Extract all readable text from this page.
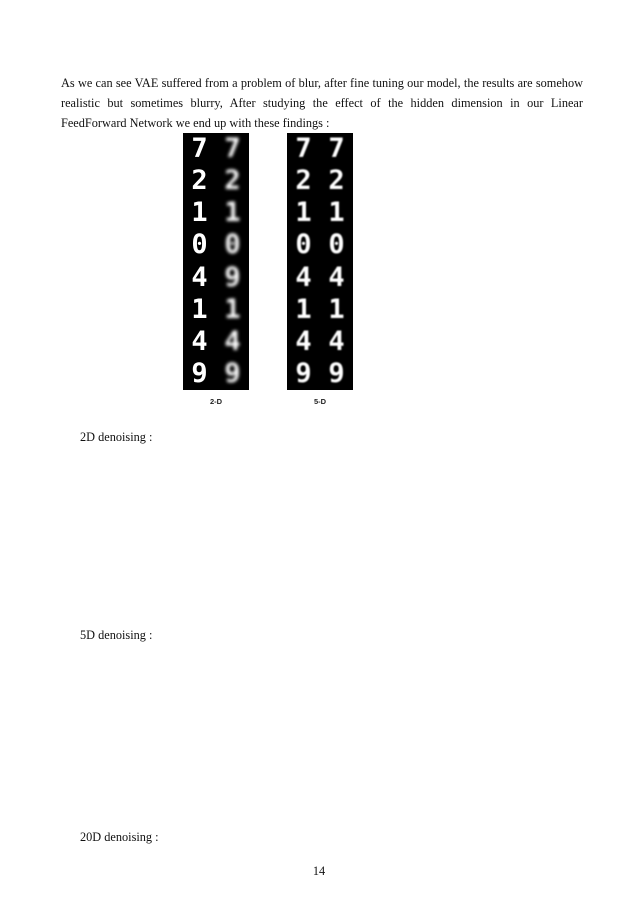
As we can see VAE suffered from a problem of blur, after fine tuning our model, the results are somehow realistic but sometimes blurry, After studying the effect of the hidden dimension in our Linear FeedForward Network we end up with these findings :

7 7
2 2
1 1
0 0
4 9
1 1
4 4
9 9
2-D
7 7
2 2
1 1
0 0
4 4
1 1
4 4
9 9
5-D
2D denoising :
5D denoising :
20D denoising :
14
